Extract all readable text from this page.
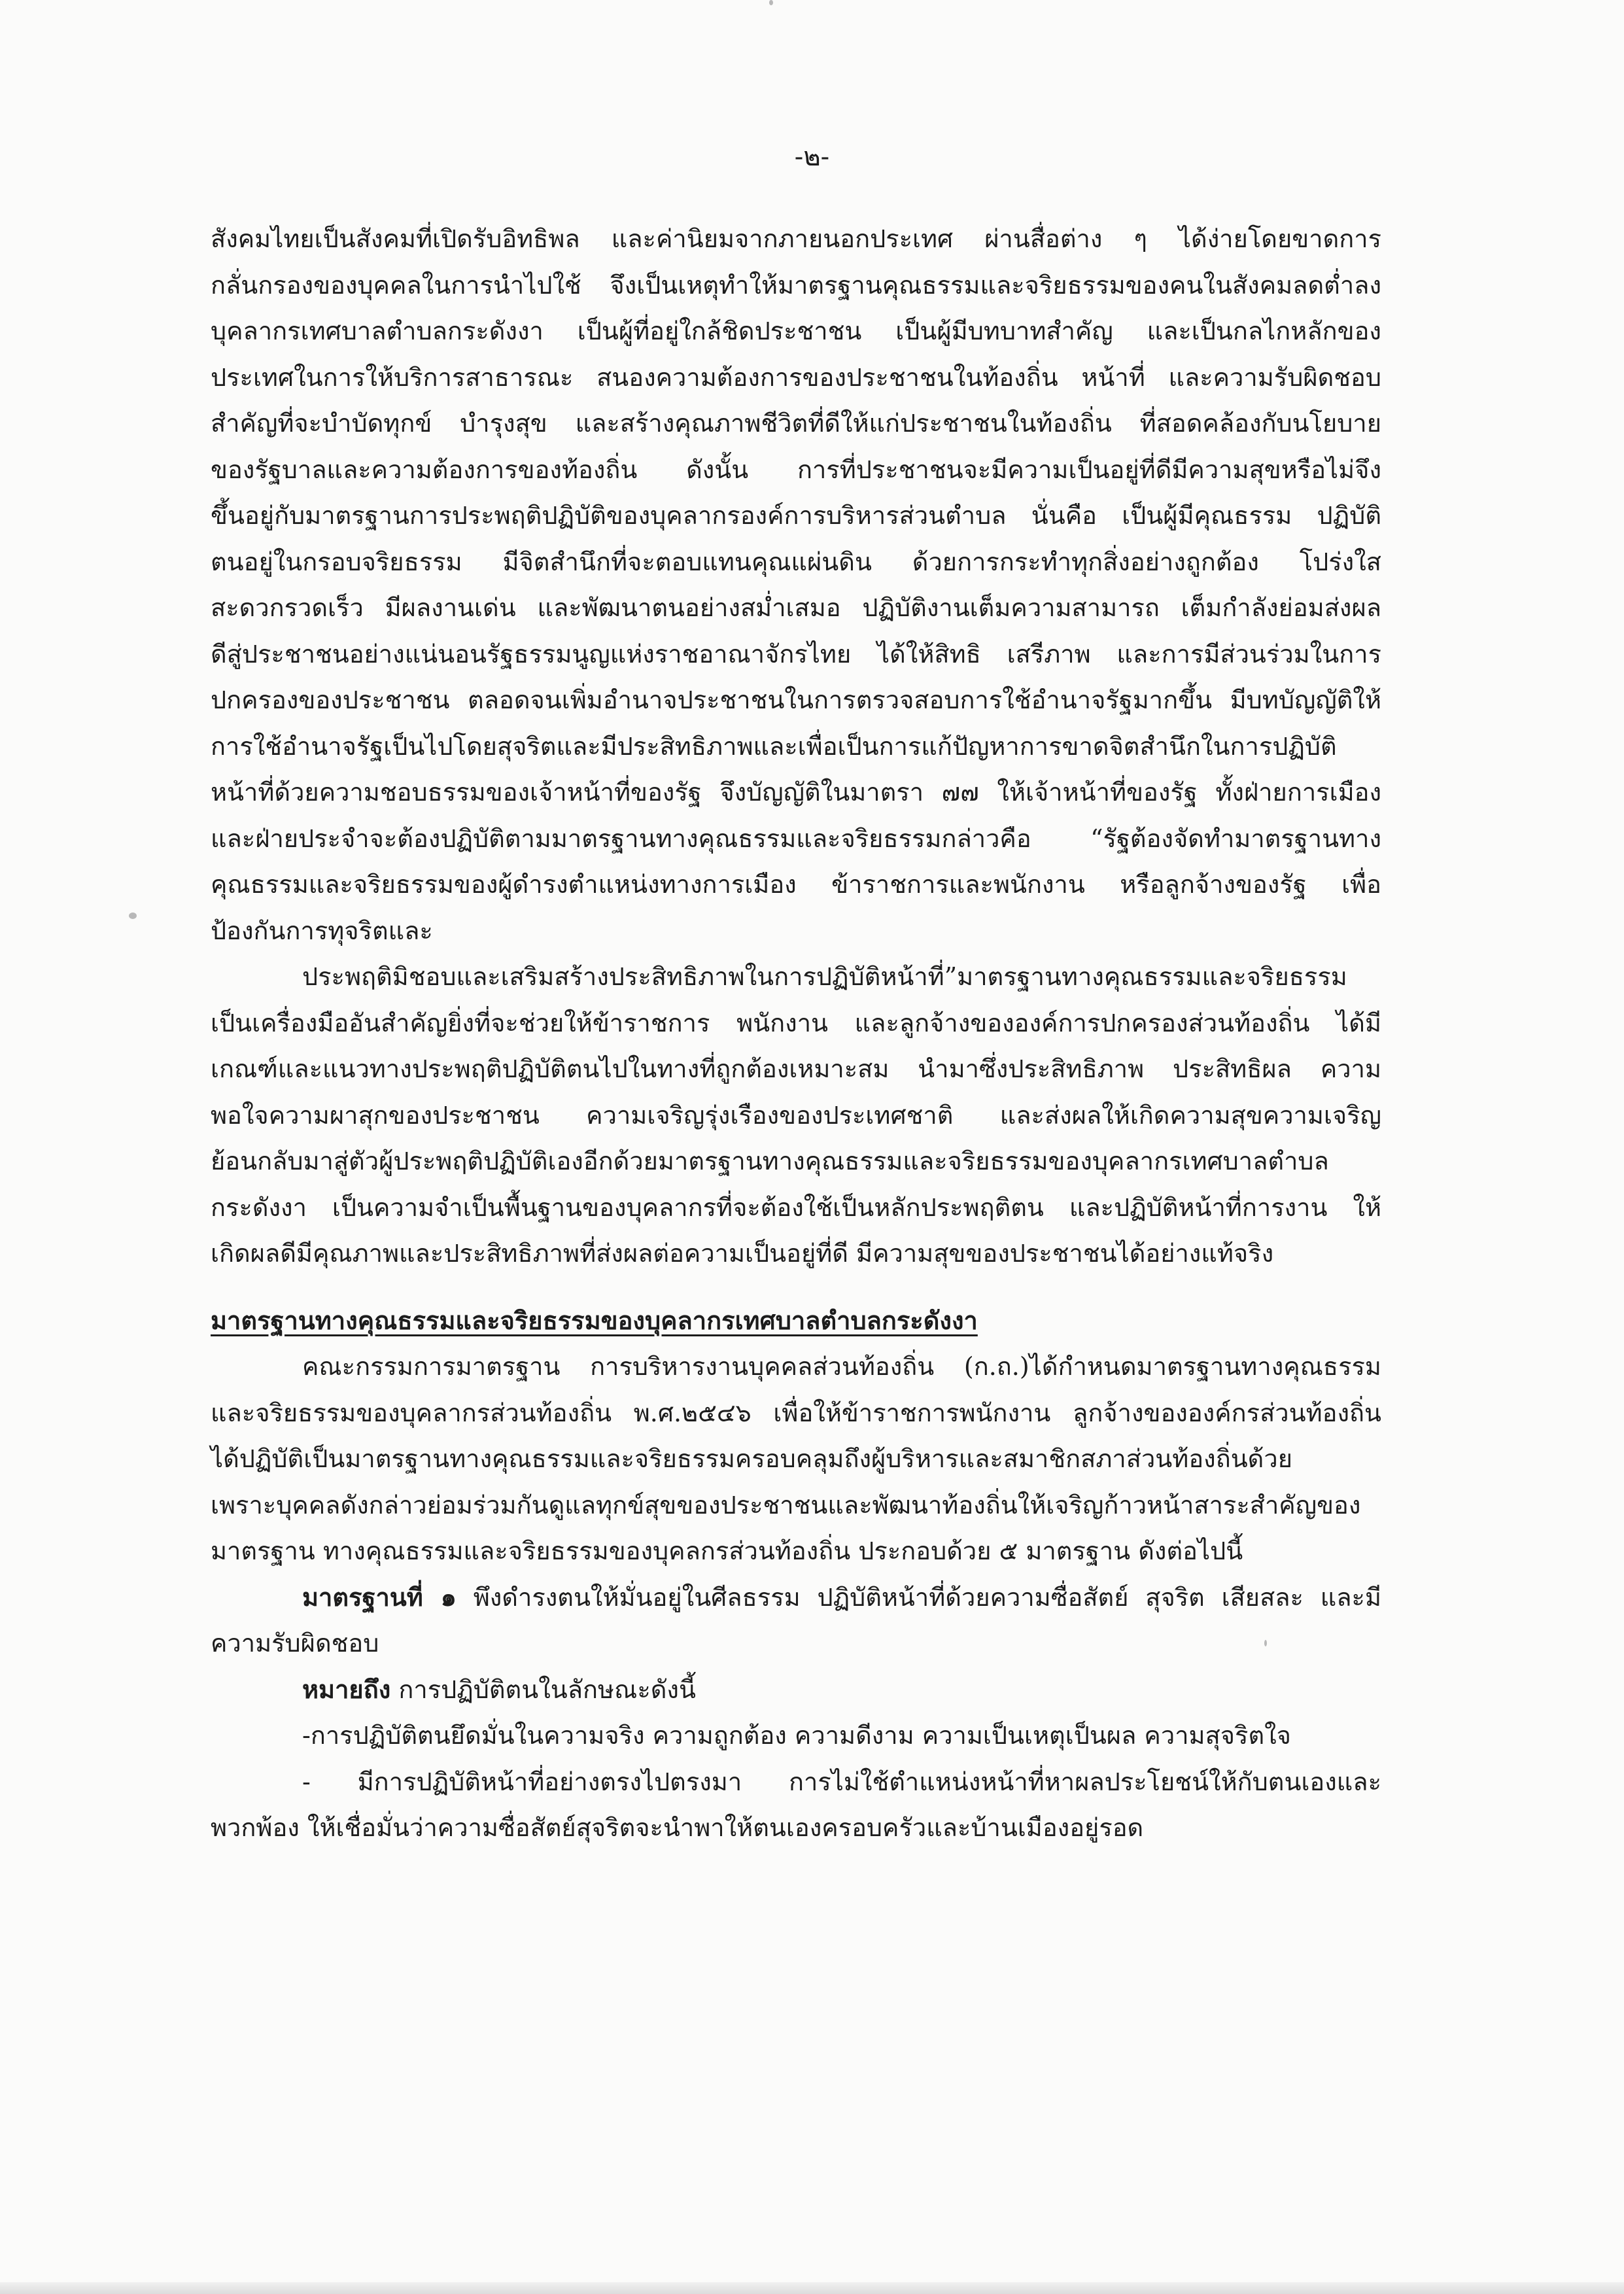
-๒-
สังคมไทยเป็นสังคมที่เปิดรับอิทธิพล และค่านิยมจากภายนอกประเทศ ผ่านสื่อต่าง ๆ ได้ง่ายโดยขาดการ
กลั่นกรองของบุคคลในการนำไปใช้ จึงเป็นเหตุทำให้มาตรฐานคุณธรรมและจริยธรรมของคนในสังคมลดต่ำลง
บุคลากรเทศบาลตำบลกระดังงา เป็นผู้ที่อยู่ใกล้ชิดประชาชน เป็นผู้มีบทบาทสำคัญ และเป็นกลไกหลักของ
ประเทศในการให้บริการสาธารณะ สนองความต้องการของประชาชนในท้องถิ่น หน้าที่ และความรับผิดชอบ
สำคัญที่จะบำบัดทุกข์ บำรุงสุข และสร้างคุณภาพชีวิตที่ดีให้แก่ประชาชนในท้องถิ่น ที่สอดคล้องกับนโยบาย
ของรัฐบาลและความต้องการของท้องถิ่น ดังนั้น การที่ประชาชนจะมีความเป็นอยู่ที่ดีมีความสุขหรือไม่จึง
ขึ้นอยู่กับมาตรฐานการประพฤติปฏิบัติของบุคลากรองค์การบริหารส่วนตำบล นั่นคือ เป็นผู้มีคุณธรรม ปฏิบัติ
ตนอยู่ในกรอบจริยธรรม มีจิตสำนึกที่จะตอบแทนคุณแผ่นดิน ด้วยการกระทำทุกสิ่งอย่างถูกต้อง โปร่งใส
สะดวกรวดเร็ว มีผลงานเด่น และพัฒนาตนอย่างสม่ำเสมอ ปฏิบัติงานเต็มความสามารถ เต็มกำลังย่อมส่งผล
ดีสู่ประชาชนอย่างแน่นอนรัฐธรรมนูญแห่งราชอาณาจักรไทย ได้ให้สิทธิ เสรีภาพ และการมีส่วนร่วมในการ
ปกครองของประชาชน ตลอดจนเพิ่มอำนาจประชาชนในการตรวจสอบการใช้อำนาจรัฐมากขึ้น มีบทบัญญัติให้
การใช้อำนาจรัฐเป็นไปโดยสุจริตและมีประสิทธิภาพและเพื่อเป็นการแก้ปัญหาการขาดจิตสำนึกในการปฏิบัติ
หน้าที่ด้วยความชอบธรรมของเจ้าหน้าที่ของรัฐ จึงบัญญัติในมาตรา ๗๗ ให้เจ้าหน้าที่ของรัฐ ทั้งฝ่ายการเมือง
และฝ่ายประจำจะต้องปฏิบัติตามมาตรฐานทางคุณธรรมและจริยธรรมกล่าวคือ “รัฐต้องจัดทำมาตรฐานทาง
คุณธรรมและจริยธรรมของผู้ดำรงตำแหน่งทางการเมือง ข้าราชการและพนักงาน หรือลูกจ้างของรัฐ เพื่อ
ป้องกันการทุจริตและ
ประพฤติมิชอบและเสริมสร้างประสิทธิภาพในการปฏิบัติหน้าที่”มาตรฐานทางคุณธรรมและจริยธรรม
เป็นเครื่องมืออันสำคัญยิ่งที่จะช่วยให้ข้าราชการ พนักงาน และลูกจ้างขององค์การปกครองส่วนท้องถิ่น ได้มี
เกณฑ์และแนวทางประพฤติปฏิบัติตนไปในทางที่ถูกต้องเหมาะสม นำมาซึ่งประสิทธิภาพ ประสิทธิผล ความ
พอใจความผาสุกของประชาชน ความเจริญรุ่งเรืองของประเทศชาติ และส่งผลให้เกิดความสุขความเจริญ
ย้อนกลับมาสู่ตัวผู้ประพฤติปฏิบัติเองอีกด้วยมาตรฐานทางคุณธรรมและจริยธรรมของบุคลากรเทศบาลตำบล
กระดังงา เป็นความจำเป็นพื้นฐานของบุคลากรที่จะต้องใช้เป็นหลักประพฤติตน และปฏิบัติหน้าที่การงาน ให้
เกิดผลดีมีคุณภาพและประสิทธิภาพที่ส่งผลต่อความเป็นอยู่ที่ดี มีความสุขของประชาชนได้อย่างแท้จริง
มาตรฐานทางคุณธรรมและจริยธรรมของบุคลากรเทศบาลตำบลกระดังงา
คณะกรรมการมาตรฐาน การบริหารงานบุคคลส่วนท้องถิ่น (ก.ถ.)ได้กำหนดมาตรฐานทางคุณธรรม
และจริยธรรมของบุคลากรส่วนท้องถิ่น พ.ศ.๒๕๔๖ เพื่อให้ข้าราชการพนักงาน ลูกจ้างขององค์กรส่วนท้องถิ่น
ได้ปฏิบัติเป็นมาตรฐานทางคุณธรรมและจริยธรรมครอบคลุมถึงผู้บริหารและสมาชิกสภาส่วนท้องถิ่นด้วย
เพราะบุคคลดังกล่าวย่อมร่วมกันดูแลทุกข์สุขของประชาชนและพัฒนาท้องถิ่นให้เจริญก้าวหน้าสาระสำคัญของ
มาตรฐาน ทางคุณธรรมและจริยธรรมของบุคลกรส่วนท้องถิ่น ประกอบด้วย ๕ มาตรฐาน ดังต่อไปนี้
มาตรฐานที่ ๑ พึงดำรงตนให้มั่นอยู่ในศีลธรรม ปฏิบัติหน้าที่ด้วยความซื่อสัตย์ สุจริต เสียสละ และมี
ความรับผิดชอบ
หมายถึง การปฏิบัติตนในลักษณะดังนี้
-การปฏิบัติตนยึดมั่นในความจริง ความถูกต้อง ความดีงาม ความเป็นเหตุเป็นผล ความสุจริตใจ
- มีการปฏิบัติหน้าที่อย่างตรงไปตรงมา การไม่ใช้ตำแหน่งหน้าที่หาผลประโยชน์ให้กับตนเองและ
พวกพ้อง ให้เชื่อมั่นว่าความซื่อสัตย์สุจริตจะนำพาให้ตนเองครอบครัวและบ้านเมืองอยู่รอด
